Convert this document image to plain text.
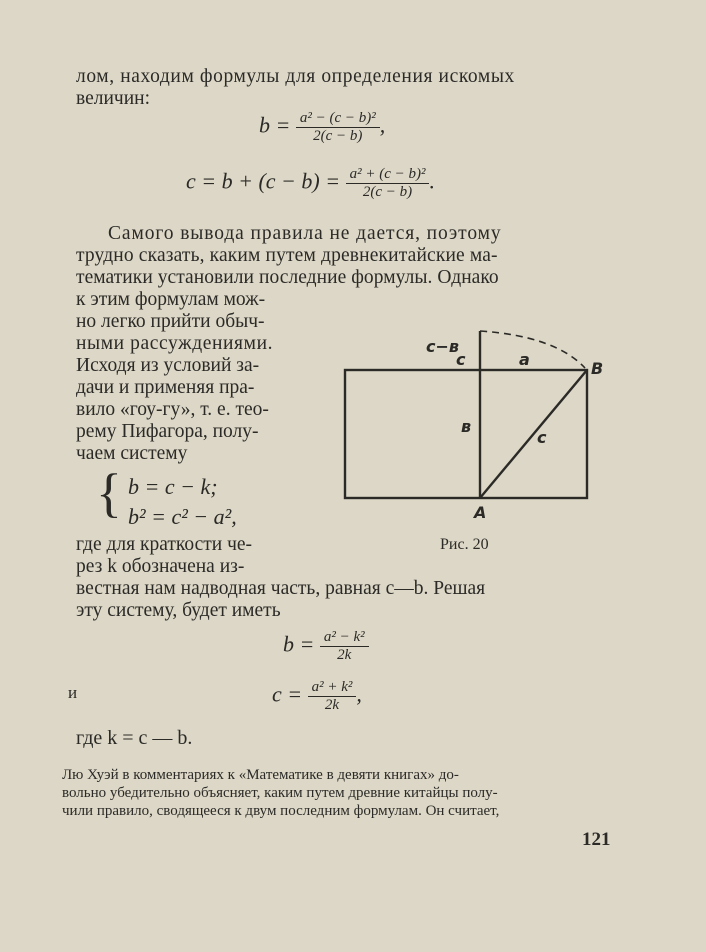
лом, находим формулы для определения искомых

величин:

$b = \frac{\text{a² − (c − b)²}}{2(c - b)}$ ,
$c = b + (c - b) = \frac{\text{a² + (c − b)²}}{2(c - b)}$ .

Самого вывода правила не дается, поэтому

трудно сказать, каким путем древнекитайские ма-

тематики установили последние формулы. Однако

к этим формулам мож-

но легко прийти обыч-

ными рассуждениями.

Исходя из условий за-

дачи и применяя пра-

вило «гоу-гу», т. е. тео-

рему Пифагора, полу-

чаем систему

{ b = c − k;
b² = c² − a²,

где для краткости че-

рез k обозначена из-

вестная нам надводная часть, равная c—b. Решая

эту систему, будет иметь

$b = \frac{\text{a² − k²}}{2k}$

и	$c = \frac{\text{a² + k²}}{2k}$ ,

где k = c — b.

Лю Хуэй в комментариях к «Математике в девяти книгах» до-

вольно убедительно объясняет, каким путем древние китайцы полу-

чили правило, сводящееся к двум последним формулам. Он считает,

121
c−в
c	a	В
в
c
А
Рис. 20
